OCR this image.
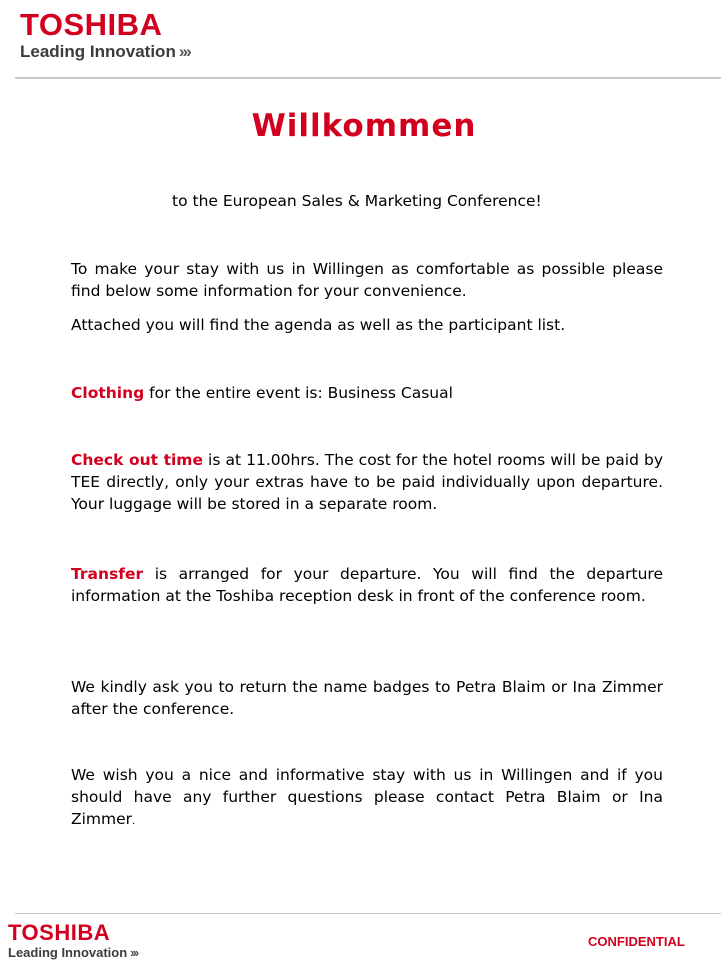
TOSHIBA
Leading Innovation ›››
Willkommen

to the European Sales & Marketing Conference!

To make your stay with us in Willingen as comfortable as possible please find below some information for your convenience.

Attached you will find the agenda as well as the participant list.

Clothing for the entire event is: Business Casual

Check out time is at 11.00hrs. The cost for the hotel rooms will be paid by TEE directly, only your extras have to be paid individually upon departure. Your luggage will be stored in a separate room.

Transfer is arranged for your departure. You will find the departure information at the Toshiba reception desk in front of the conference room.

We kindly ask you to return the name badges to Petra Blaim or Ina Zimmer after the conference.

We wish you a nice and informative stay with us in Willingen and if you should have any further questions please contact Petra Blaim or Ina Zimmer.

TOSHIBA
Leading Innovation ›››
CONFIDENTIAL
